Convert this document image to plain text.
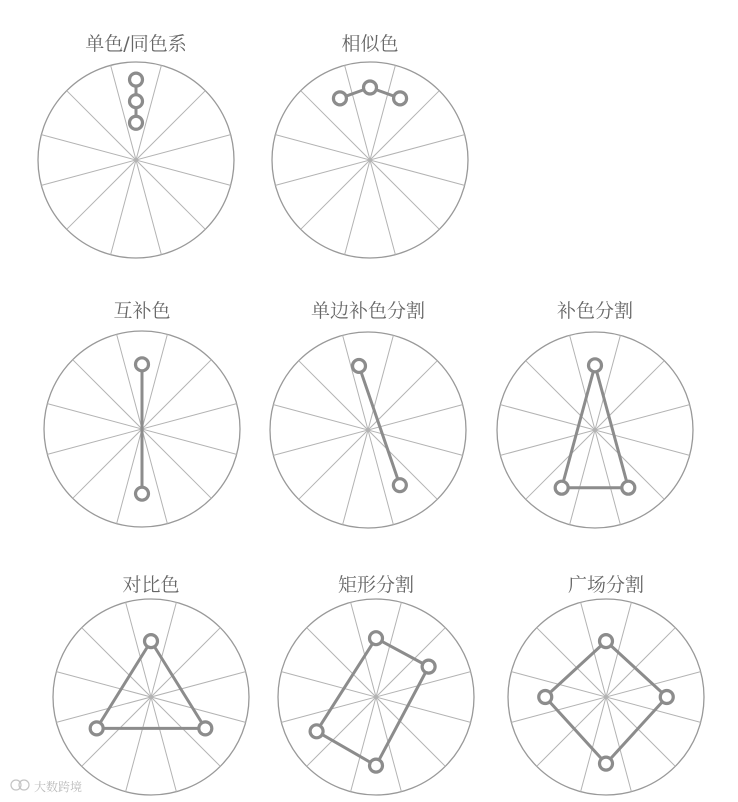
单色/同色系	相似色
互补色	单边补色分割	补色分割
对比色	矩形分割	广场分割
大数跨境
